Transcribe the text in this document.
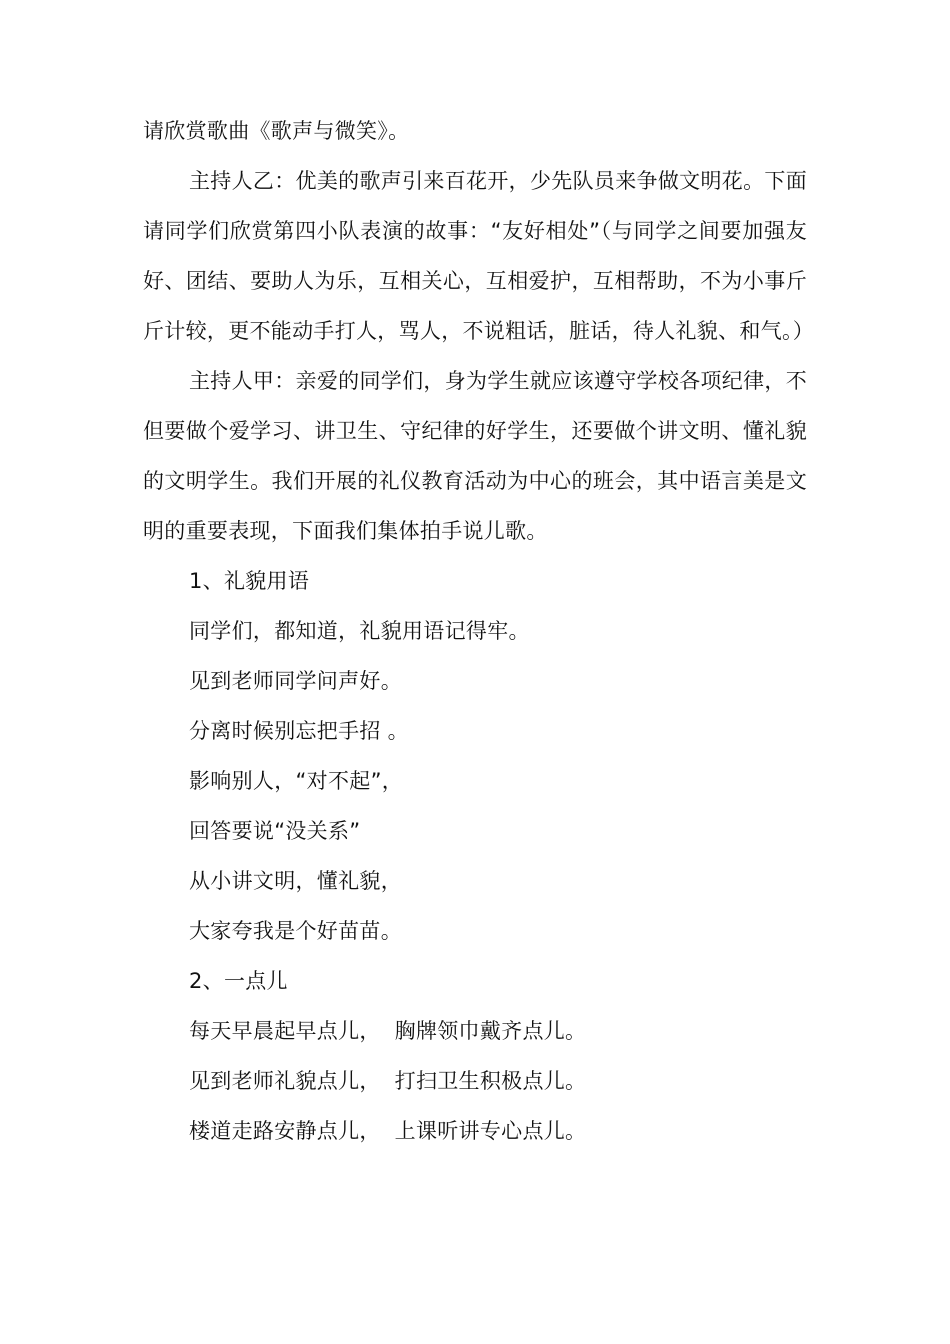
请欣赏歌曲《歌声与微笑》。

主持人乙：优美的歌声引来百花开，少先队员来争做文明花。下面请同学们欣赏第四小队表演的故事：“友好相处”（与同学之间要加强友好、团结、要助人为乐，互相关心，互相爱护，互相帮助，不为小事斤斤计较，更不能动手打人，骂人，不说粗话，脏话，待人礼貌、和气。）

主持人甲：亲爱的同学们，身为学生就应该遵守学校各项纪律，不但要做个爱学习、讲卫生、守纪律的好学生，还要做个讲文明、懂礼貌的文明学生。我们开展的礼仪教育活动为中心的班会，其中语言美是文明的重要表现，下面我们集体拍手说儿歌。

1、礼貌用语

同学们，都知道，礼貌用语记得牢。

见到老师同学问声好。

分离时候别忘把手招 。

影响别人，“对不起”，

回答要说“没关系”

从小讲文明，懂礼貌，

大家夸我是个好苗苗。

2、一点儿

每天早晨起早点儿，  胸牌领巾戴齐点儿。

见到老师礼貌点儿，  打扫卫生积极点儿。

楼道走路安静点儿，  上课听讲专心点儿。
